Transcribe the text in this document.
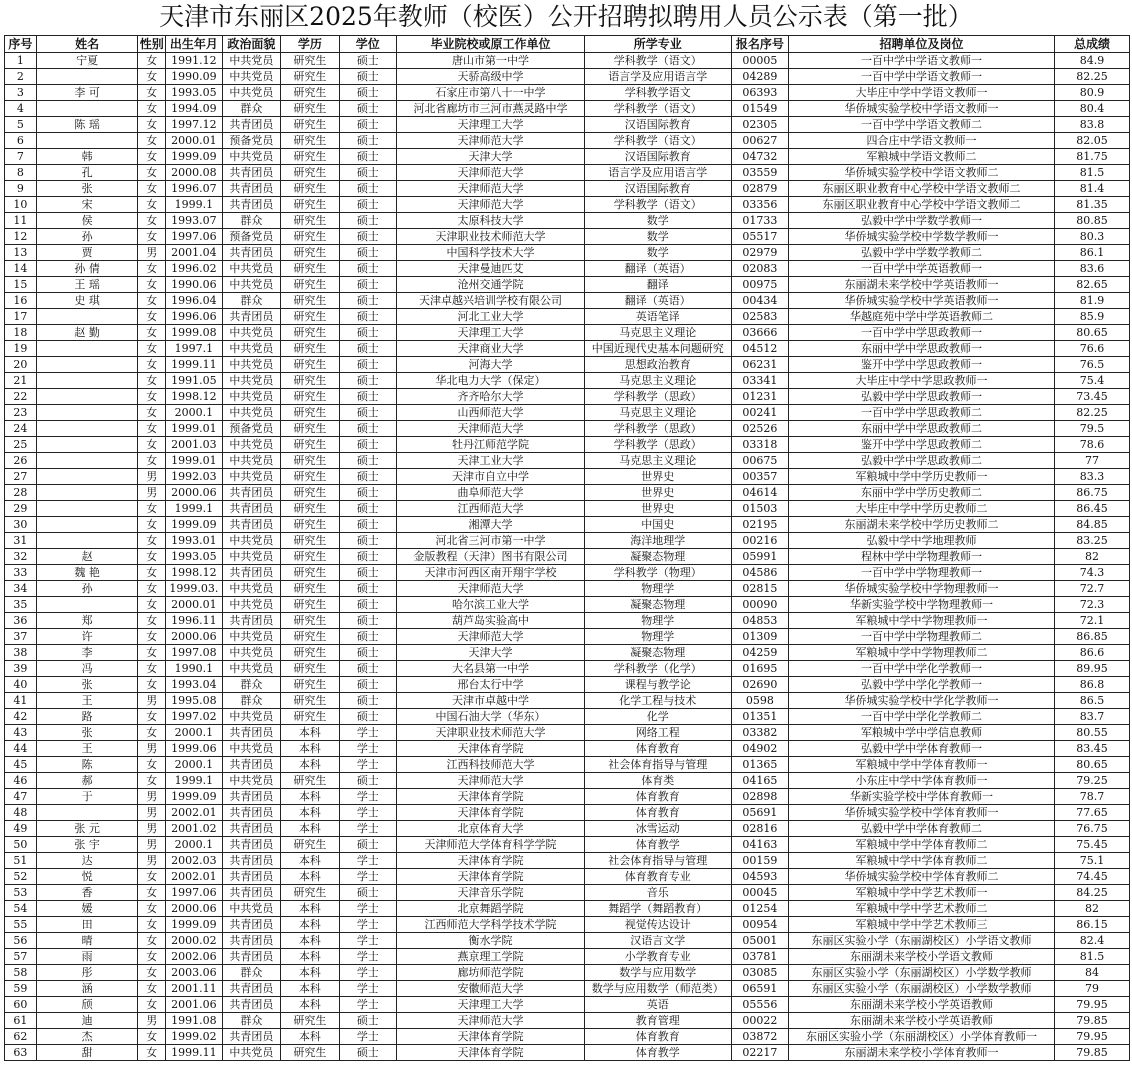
天津市东丽区2025年教师（校医）公开招聘拟聘用人员公示表（第一批）
序号	姓名	性别	出生年月	政治面貌	学历	学位	毕业院校或原工作单位	所学专业	报名序号	招聘单位及岗位	总成绩
1	宁夏	女	1991.12	中共党员	研究生	硕士	唐山市第一中学	学科教学（语文）	00005	一百中学中学语文教师一	84.9
2		女	1990.09	中共党员	研究生	硕士	天骄高级中学	语言学及应用语言学	04289	一百中学中学语文教师一	82.25
3	李 可	女	1993.05	中共党员	研究生	硕士	石家庄市第八十一中学	学科教学语文	06393	大毕庄中学中学语文教师一	80.9
4		女	1994.09	群众	研究生	硕士	河北省廊坊市三河市燕灵路中学	学科教学（语文）	01549	华侨城实验学校中学语文教师一	80.4
5	陈 瑶	女	1997.12	共青团员	研究生	硕士	天津理工大学	汉语国际教育	02305	一百中学中学语文教师二	83.8
6		女	2000.01	预备党员	研究生	硕士	天津师范大学	学科教学（语文）	00627	四合庄中学语文教师一	82.05
7	韩	女	1999.09	中共党员	研究生	硕士	天津大学	汉语国际教育	04732	军粮城中学语文教师二	81.75
8	孔	女	2000.08	共青团员	研究生	硕士	天津师范大学	语言学及应用语言学	03559	华侨城实验学校中学语文教师二	81.5
9	张	女	1996.07	共青团员	研究生	硕士	天津师范大学	汉语国际教育	02879	东丽区职业教育中心学校中学语文教师二	81.4
10	宋	女	1999.1	共青团员	研究生	硕士	天津师范大学	学科教学（语文）	03356	东丽区职业教育中心学校中学语文教师二	81.35
11	侯	女	1993.07	群众	研究生	硕士	太原科技大学	数学	01733	弘毅中学中学数学教师一	80.85
12	孙	女	1997.06	预备党员	研究生	硕士	天津职业技术师范大学	数学	05517	华侨城实验学校中学数学教师一	80.3
13	贾	男	2001.04	共青团员	研究生	硕士	中国科学技术大学	数学	02979	弘毅中学中学数学教师二	86.1
14	孙 倩	女	1996.02	中共党员	研究生	硕士	天津曼迪匹艾	翻译（英语）	02083	一百中学中学英语教师一	83.6
15	王 瑶	女	1990.06	中共党员	研究生	硕士	沧州交通学院	翻译	00975	东丽湖未来学校中学英语教师一	82.65
16	史 琪	女	1996.04	群众	研究生	硕士	天津卓越兴培训学校有限公司	翻译（英语）	00434	华侨城实验学校中学英语教师一	81.9
17		女	1996.06	共青团员	研究生	硕士	河北工业大学	英语笔译	02583	华越庭苑中学中学英语教师二	85.9
18	赵 勤	女	1999.08	中共党员	研究生	硕士	天津理工大学	马克思主义理论	03666	一百中学中学思政教师一	80.65
19		女	1997.1	中共党员	研究生	硕士	天津商业大学	中国近现代史基本问题研究	04512	东丽中学中学思政教师一	76.6
20		女	1999.11	中共党员	研究生	硕士	河海大学	思想政治教育	06231	鉴开中学中学思政教师一	76.5
21		女	1991.05	中共党员	研究生	硕士	华北电力大学（保定）	马克思主义理论	03341	大毕庄中学中学思政教师一	75.4
22		女	1998.12	中共党员	研究生	硕士	齐齐哈尔大学	学科教学（思政）	01231	弘毅中学中学思政教师一	73.45
23		女	2000.1	中共党员	研究生	硕士	山西师范大学	马克思主义理论	00241	一百中学中学思政教师二	82.25
24		女	1999.01	预备党员	研究生	硕士	天津师范大学	学科教学（思政）	02526	东丽中学中学思政教师二	79.5
25		女	2001.03	中共党员	研究生	硕士	牡丹江师范学院	学科教学（思政）	03318	鉴开中学中学思政教师二	78.6
26		女	1999.01	中共党员	研究生	硕士	天津工业大学	马克思主义理论	00675	弘毅中学中学思政教师二	77
27		男	1992.03	中共党员	研究生	硕士	天津市自立中学	世界史	00357	军粮城中学中学历史教师一	83.3
28		男	2000.06	共青团员	研究生	硕士	曲阜师范大学	世界史	04614	东丽中学中学历史教师二	86.75
29		女	1999.1	共青团员	研究生	硕士	江西师范大学	世界史	01503	大毕庄中学中学历史教师二	86.45
30		女	1999.09	共青团员	研究生	硕士	湘潭大学	中国史	02195	东丽湖未来学校中学历史教师二	84.85
31		女	1993.01	中共党员	研究生	硕士	河北省三河市第一中学	海洋地理学	00216	弘毅中学中学地理教师	83.25
32	赵	女	1993.05	中共党员	研究生	硕士	金版教程（天津）图书有限公司	凝聚态物理	05991	程林中学中学物理教师一	82
33	魏 艳	女	1998.12	共青团员	研究生	硕士	天津市河西区南开翔宇学校	学科教学（物理）	04586	一百中学中学物理教师一	74.3
34	孙	女	1999.03.	中共党员	研究生	硕士	天津师范大学	物理学	02815	华侨城实验学校中学物理教师一	72.7
35		女	2000.01	中共党员	研究生	硕士	哈尔滨工业大学	凝聚态物理	00090	华新实验学校中学物理教师一	72.3
36	郑	女	1996.11	共青团员	研究生	硕士	葫芦岛实验高中	物理学	04853	军粮城中学中学物理教师一	72.1
37	许	女	2000.06	中共党员	研究生	硕士	天津师范大学	物理学	01309	一百中学中学物理教师二	86.85
38	李	女	1997.08	中共党员	研究生	硕士	天津大学	凝聚态物理	04259	军粮城中学中学物理教师二	86.6
39	冯	女	1990.1	中共党员	研究生	硕士	大名县第一中学	学科教学（化学）	01695	一百中学中学化学教师一	89.95
40	张	女	1993.04	群众	研究生	硕士	邢台太行中学	课程与教学论	02690	弘毅中学中学化学教师一	86.8
41	王	男	1995.08	群众	研究生	硕士	天津市卓越中学	化学工程与技术	0598	华侨城实验学校中学化学教师一	86.5
42	路	女	1997.02	中共党员	研究生	硕士	中国石油大学（华东）	化学	01351	一百中学中学化学教师二	83.7
43	张	女	2000.1	共青团员	本科	学士	天津职业技术师范大学	网络工程	03382	军粮城中学中学信息教师	80.55
44	王	男	1999.06	中共党员	本科	学士	天津体育学院	体育教育	04902	弘毅中学中学体育教师一	83.45
45	陈	女	2000.1	共青团员	本科	学士	江西科技师范大学	社会体育指导与管理	01365	军粮城中学中学体育教师一	80.65
46	郝	女	1999.1	中共党员	研究生	硕士	天津师范大学	体育类	04165	小东庄中学中学体育教师一	79.25
47	于	男	1999.09	共青团员	本科	学士	天津体育学院	体育教育	02898	华新实验学校中学体育教师一	78.7
48		男	2002.01	共青团员	本科	学士	天津体育学院	体育教育	05691	华侨城实验学校中学体育教师一	77.65
49	张 元	男	2001.02	共青团员	本科	学士	北京体育大学	冰雪运动	02816	弘毅中学中学体育教师二	76.75
50	张 宇	男	2000.1	共青团员	研究生	硕士	天津师范大学体育科学学院	体育教学	04163	军粮城中学中学体育教师二	75.45
51	达	男	2002.03	共青团员	本科	学士	天津体育学院	社会体育指导与管理	00159	军粮城中学中学体育教师二	75.1
52	悦	女	2002.01	共青团员	本科	学士	天津体育学院	体育教育专业	04593	华侨城实验学校中学体育教师二	74.45
53	香	女	1997.06	共青团员	研究生	硕士	天津音乐学院	音乐	00045	军粮城中学中学艺术教师一	84.25
54	媛	女	2000.06	中共党员	本科	学士	北京舞蹈学院	舞蹈学（舞蹈教育）	01254	军粮城中学中学艺术教师二	82
55	田	女	1999.09	共青团员	本科	学士	江西师范大学科学技术学院	视觉传达设计	00954	军粮城中学中学艺术教师三	86.15
56	晴	女	2000.02	共青团员	本科	学士	衡水学院	汉语言文学	05001	东丽区实验小学（东丽湖校区）小学语文教师	82.4
57	雨	女	2002.06	共青团员	本科	学士	燕京理工学院	小学教育专业	03781	东丽湖未来学校小学语文教师	81.5
58	彤	女	2003.06	群众	本科	学士	廊坊师范学院	数学与应用数学	03085	东丽区实验小学（东丽湖校区）小学数学教师	84
59	涵	女	2001.11	共青团员	本科	学士	安徽师范大学	数学与应用数学（师范类）	06591	东丽区实验小学（东丽湖校区）小学数学教师	79
60	颀	女	2001.06	共青团员	本科	学士	天津理工大学	英语	05556	东丽湖未来学校小学英语教师	79.95
61	迪	男	1991.08	群众	研究生	硕士	天津师范大学	教育管理	00022	东丽湖未来学校小学英语教师	79.85
62	杰	女	1999.02	共青团员	本科	学士	天津体育学院	体育教育	03872	东丽区实验小学（东丽湖校区）小学体育教师一	79.95
63	甜	女	1999.11	中共党员	研究生	硕士	天津体育学院	体育教学	02217	东丽湖未来学校小学体育教师一	79.85
